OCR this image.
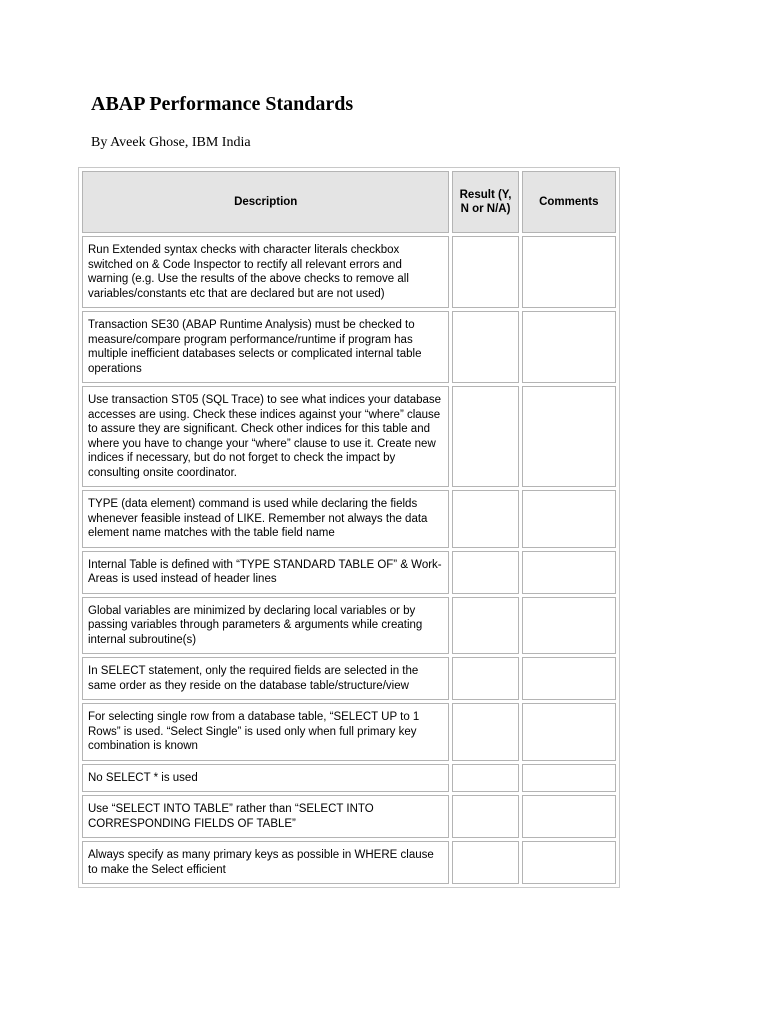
ABAP Performance Standards

By Aveek Ghose, IBM India

Description	Result (Y, N or N/A)	Comments
Run Extended syntax checks with character literals checkbox switched on & Code Inspector to rectify all relevant errors and warning (e.g. Use the results of the above checks to remove all variables/constants etc that are declared but are not used)		
Transaction SE30 (ABAP Runtime Analysis) must be checked to measure/compare program performance/runtime if program has multiple inefficient databases selects or complicated internal table operations		
Use transaction ST05 (SQL Trace) to see what indices your database accesses are using. Check these indices against your “where” clause to assure they are significant. Check other indices for this table and where you have to change your “where” clause to use it. Create new indices if necessary, but do not forget to check the impact by consulting onsite coordinator.		
TYPE (data element) command is used while declaring the fields whenever feasible instead of LIKE. Remember not always the data element name matches with the table field name		
Internal Table is defined with “TYPE STANDARD TABLE OF” & Work-Areas is used instead of header lines		
Global variables are minimized by declaring local variables or by passing variables through parameters & arguments while creating internal subroutine(s)		
In SELECT statement, only the required fields are selected in the same order as they reside on the database table/structure/view		
For selecting single row from a database table, “SELECT UP to 1 Rows” is used. “Select Single” is used only when full primary key combination is known		
No SELECT * is used		
Use “SELECT INTO TABLE” rather than “SELECT INTO CORRESPONDING FIELDS OF TABLE”		
Always specify as many primary keys as possible in WHERE clause to make the Select efficient		
